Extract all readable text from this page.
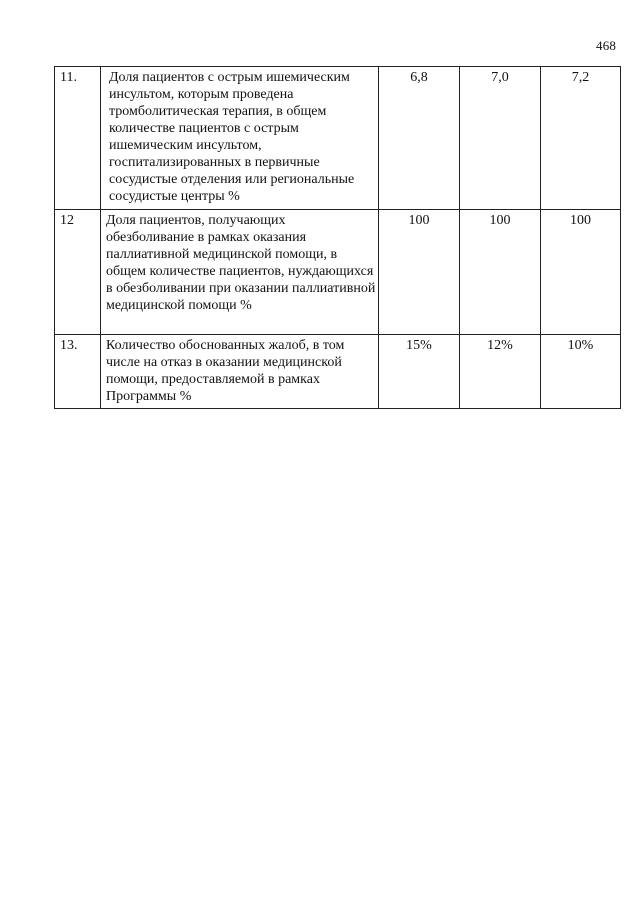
468
11.	Доля пациентов с острым ишемическим инсультом, которым проведена тромболитическая терапия, в общем количестве пациентов с острым ишемическим инсультом, госпитализированных в первичные сосудистые отделения или региональные сосудистые центры %	6,8	7,0	7,2
12	Доля пациентов, получающих обезболивание в рамках оказания паллиативной медицинской помощи, в общем количестве пациентов, нуждающихся в обезболивании при оказании паллиативной медицинской помощи %	100	100	100
13.	Количество обоснованных жалоб, в том числе на отказ в оказании медицинской помощи, предоставляемой в рамках Программы %	15%	12%	10%
